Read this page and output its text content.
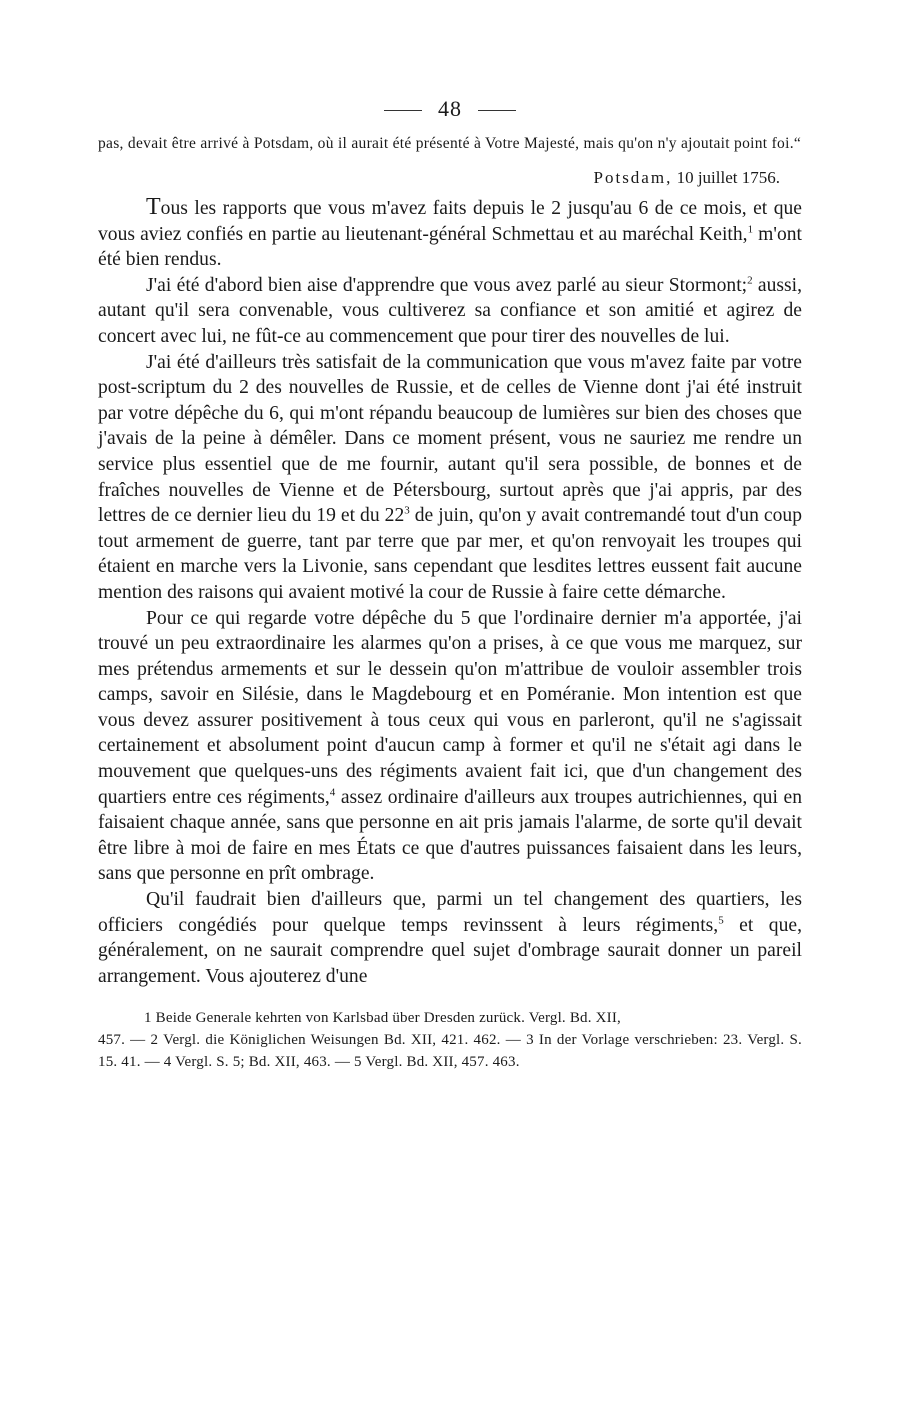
48
pas, devait être arrivé à Potsdam, où il aurait été présenté à Votre Majesté, mais qu'on n'y ajoutait point foi.“
Potsdam, 10 juillet 1756.

Tous les rapports que vous m'avez faits depuis le 2 jusqu'au 6 de ce mois, et que vous aviez confiés en partie au lieutenant-général Schmettau et au maréchal Keith,$^1$ m'ont été bien rendus.

J'ai été d'abord bien aise d'apprendre que vous avez parlé au sieur Stormont;$^2$ aussi, autant qu'il sera convenable, vous cultiverez sa confiance et son amitié et agirez de concert avec lui, ne fût-ce au commencement que pour tirer des nouvelles de lui.

J'ai été d'ailleurs très satisfait de la communication que vous m'avez faite par votre post-scriptum du 2 des nouvelles de Russie, et de celles de Vienne dont j'ai été instruit par votre dépêche du 6, qui m'ont répandu beaucoup de lumières sur bien des choses que j'avais de la peine à démêler. Dans ce moment présent, vous ne sauriez me rendre un service plus essentiel que de me fournir, autant qu'il sera possible, de bonnes et de fraîches nouvelles de Vienne et de Pétersbourg, surtout après que j'ai appris, par des lettres de ce dernier lieu du 19 et du 22$^3$ de juin, qu'on y avait contremandé tout d'un coup tout armement de guerre, tant par terre que par mer, et qu'on renvoyait les troupes qui étaient en marche vers la Livonie, sans cependant que lesdites lettres eussent fait aucune mention des raisons qui avaient motivé la cour de Russie à faire cette démarche.

Pour ce qui regarde votre dépêche du 5 que l'ordinaire dernier m'a apportée, j'ai trouvé un peu extraordinaire les alarmes qu'on a prises, à ce que vous me marquez, sur mes prétendus armements et sur le dessein qu'on m'attribue de vouloir assembler trois camps, savoir en Silésie, dans le Magdebourg et en Poméranie. Mon intention est que vous devez assurer positivement à tous ceux qui vous en parleront, qu'il ne s'agissait certainement et absolument point d'aucun camp à former et qu'il ne s'était agi dans le mouvement que quelques-uns des régiments avaient fait ici, que d'un changement des quartiers entre ces régiments,$^4$ assez ordinaire d'ailleurs aux troupes autrichiennes, qui en faisaient chaque année, sans que personne en ait pris jamais l'alarme, de sorte qu'il devait être libre à moi de faire en mes États ce que d'autres puissances faisaient dans les leurs, sans que personne en prît ombrage.

Qu'il faudrait bien d'ailleurs que, parmi un tel changement des quartiers, les officiers congédiés pour quelque temps revinssent à leurs régiments,$^5$ et que, généralement, on ne saurait comprendre quel sujet d'ombrage saurait donner un pareil arrangement. Vous ajouterez d'une

1 Beide Generale kehrten von Karlsbad über Dresden zurück. Vergl. Bd. XII,
457. — 2 Vergl. die Königlichen Weisungen Bd. XII, 421. 462. — 3 In der Vorlage verschrieben: 23. Vergl. S. 15. 41. — 4 Vergl. S. 5; Bd. XII, 463. — 5 Vergl. Bd. XII, 457. 463.
